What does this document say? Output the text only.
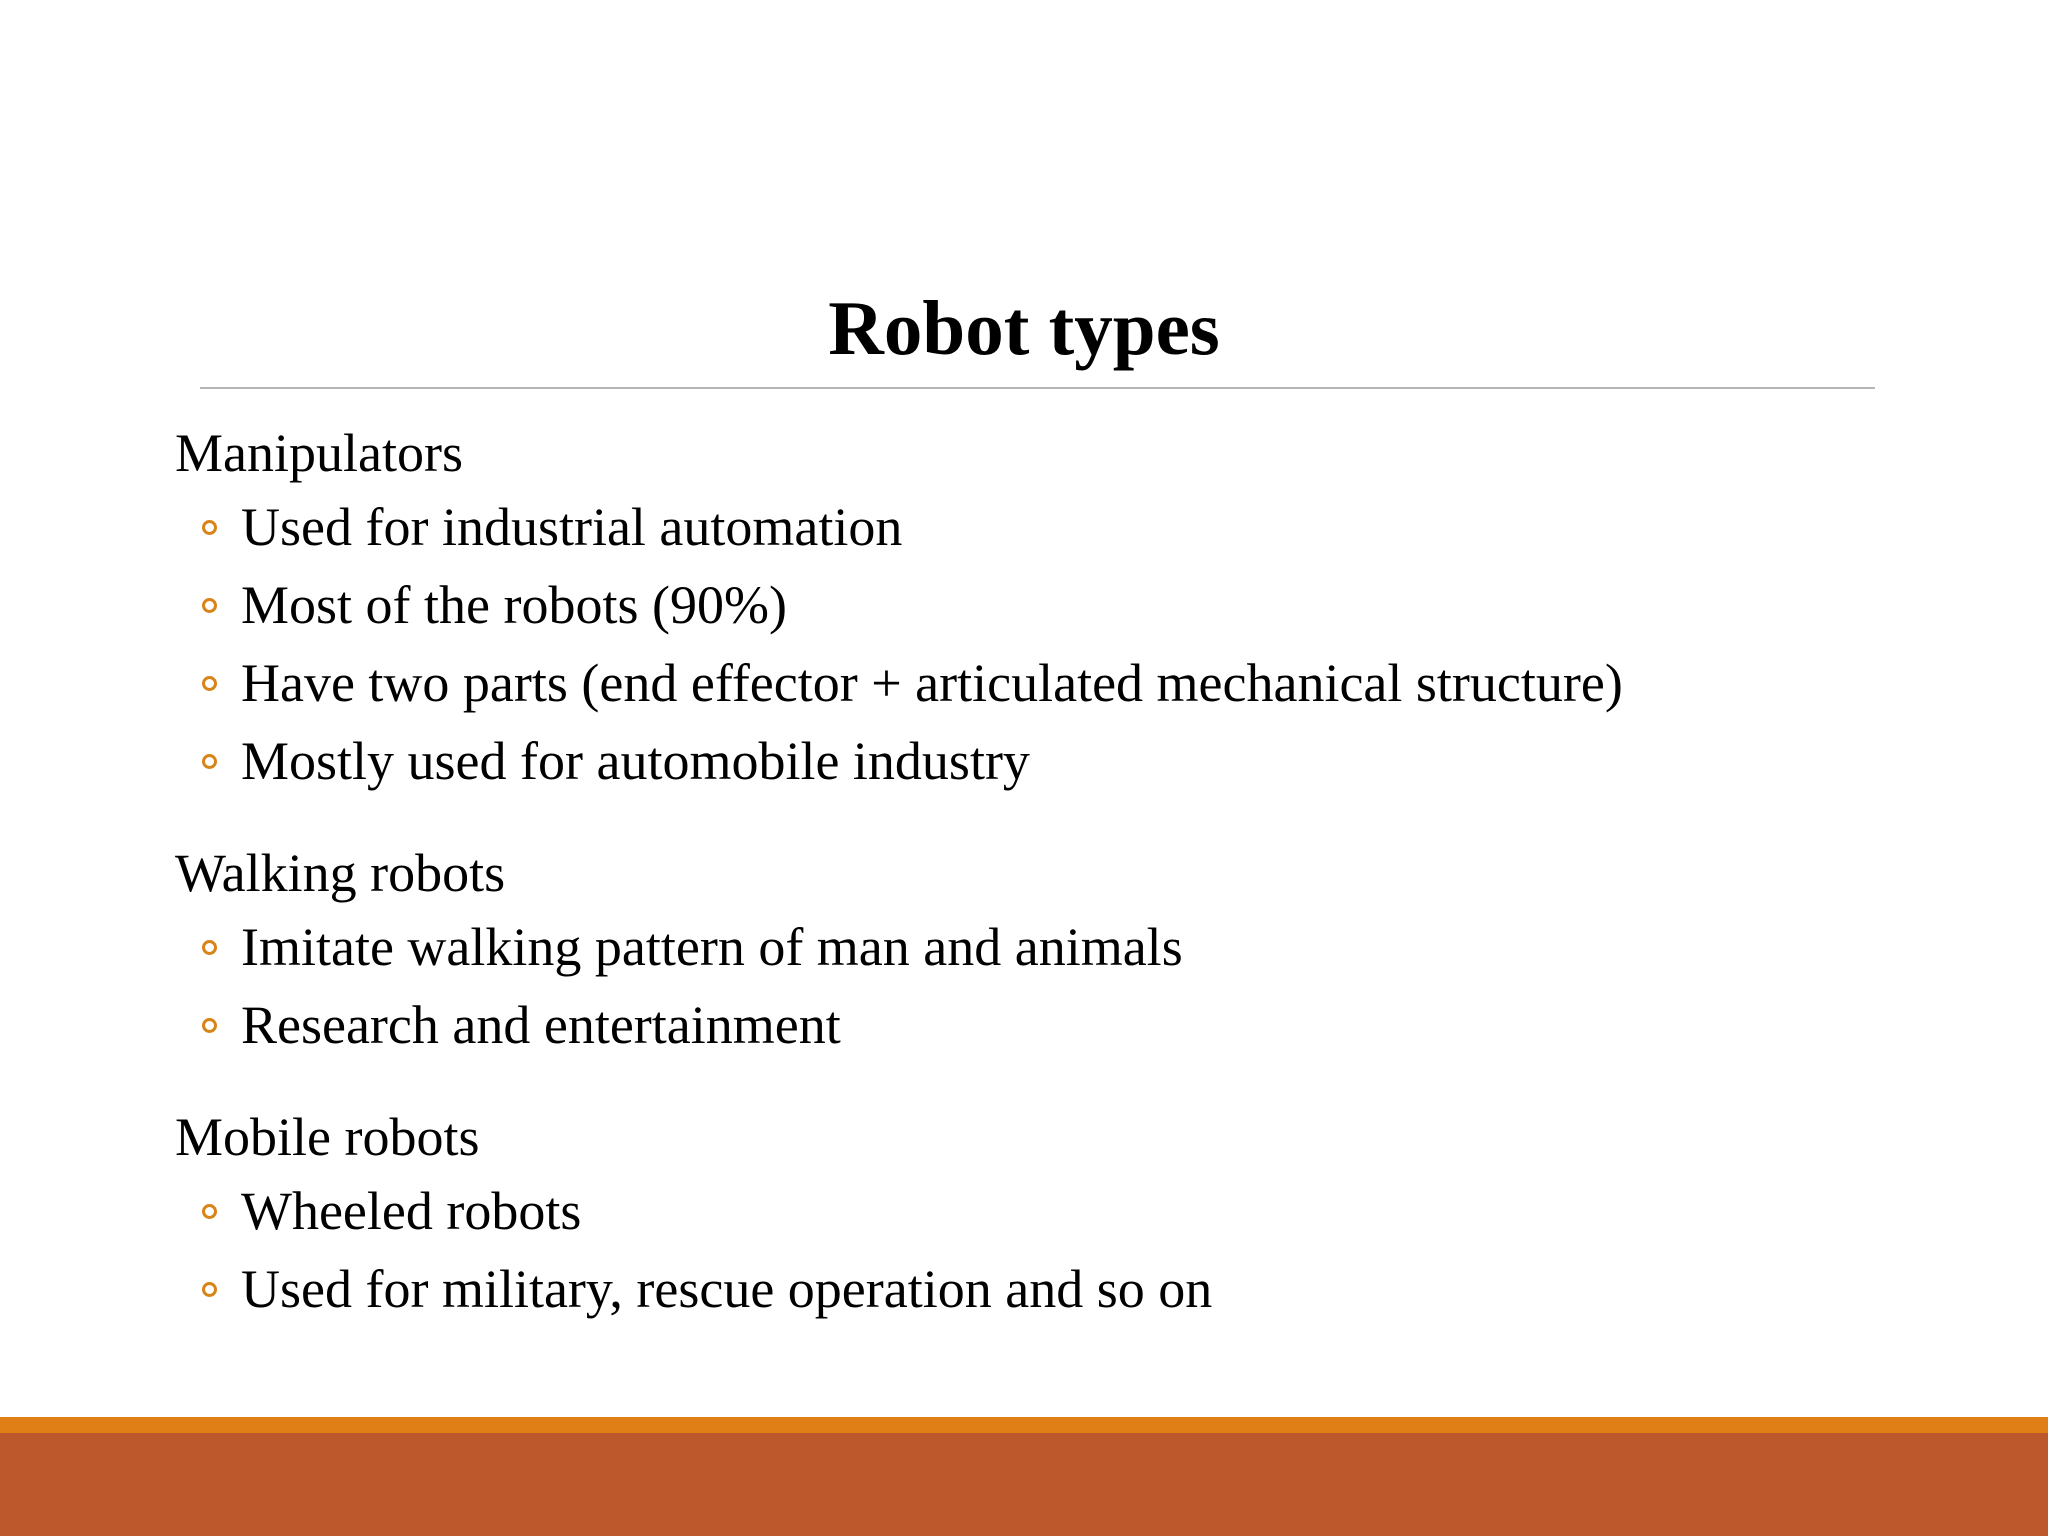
Robot types
Manipulators
Used for industrial automation
Most of the robots (90%)
Have two parts (end effector + articulated mechanical structure)
Mostly used for automobile industry
Walking robots
Imitate walking pattern of man and animals
Research and entertainment
Mobile robots
Wheeled robots
Used for military, rescue operation and so on
